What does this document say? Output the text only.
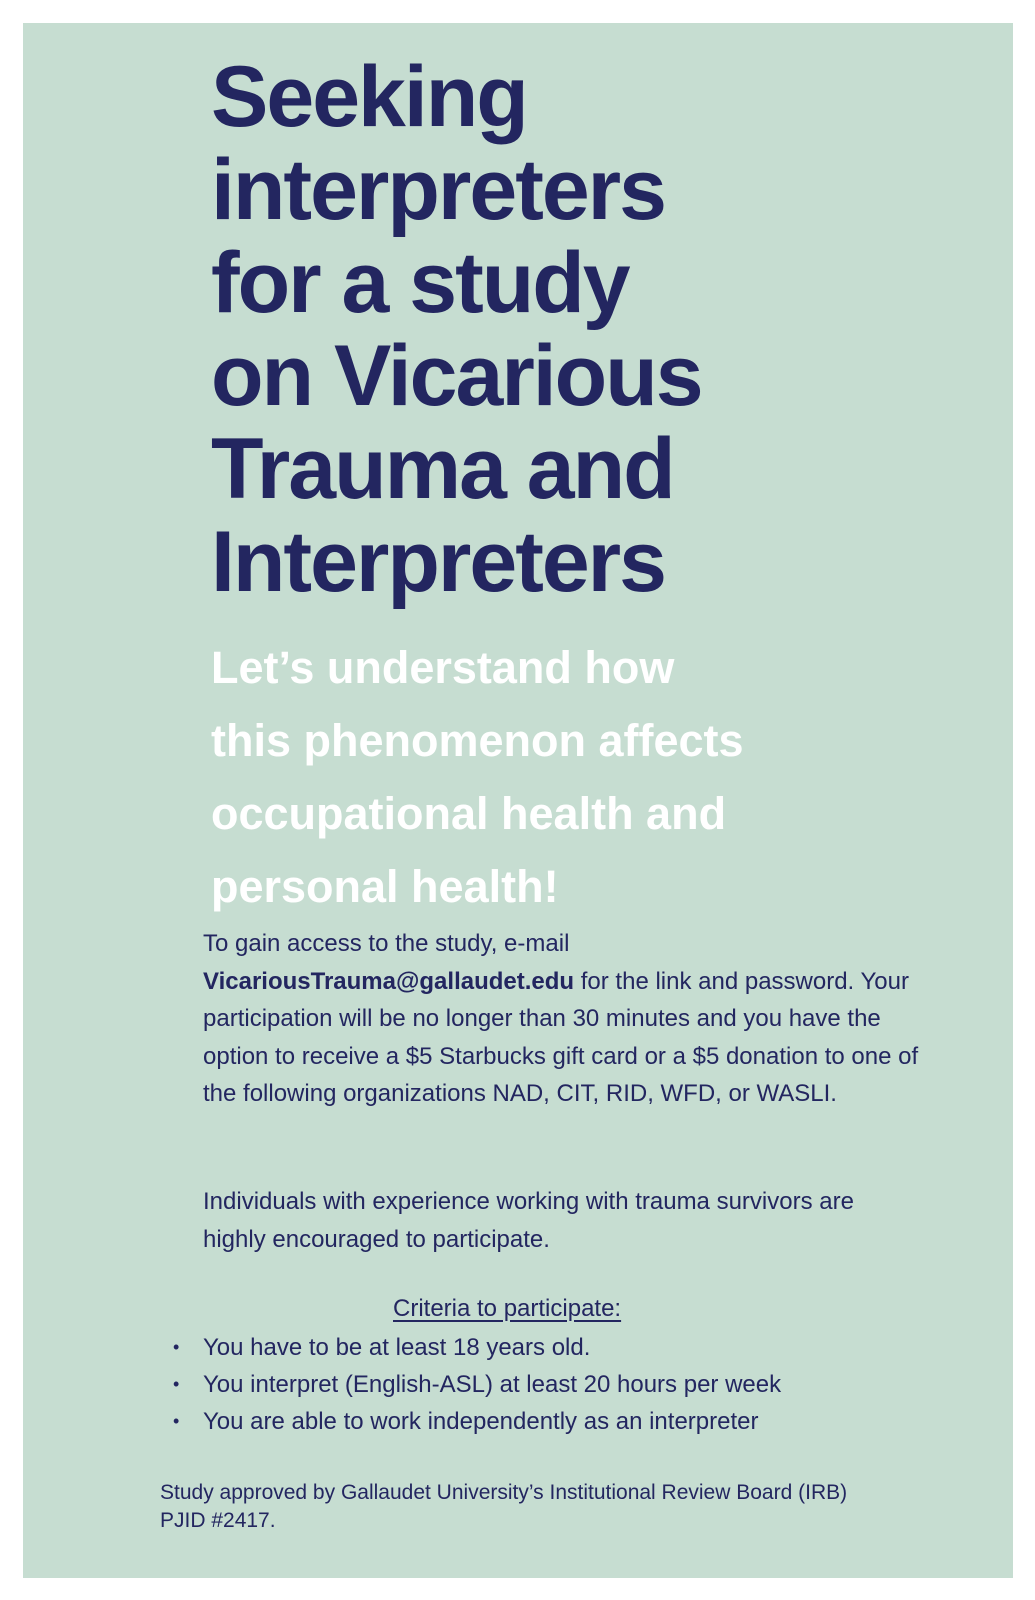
Seeking
interpreters
for a study
on Vicarious
Trauma and
Interpreters
Let’s understand how
this phenomenon affects
occupational health and
personal health!

To gain access to the study, e-mail
VicariousTrauma@gallaudet.edu for the link and password. Your participation will be no longer than 30 minutes and you have the option to receive a $5 Starbucks gift card or a $5 donation to one of the following organizations NAD, CIT, RID, WFD, or WASLI.

Individuals with experience working with trauma survivors are highly encouraged to participate.

Criteria to participate:
• You have to be at least 18 years old.
• You interpret (English-ASL) at least 20 hours per week
• You are able to work independently as an interpreter
Study approved by Gallaudet University’s Institutional Review Board (IRB)
PJID #2417.
